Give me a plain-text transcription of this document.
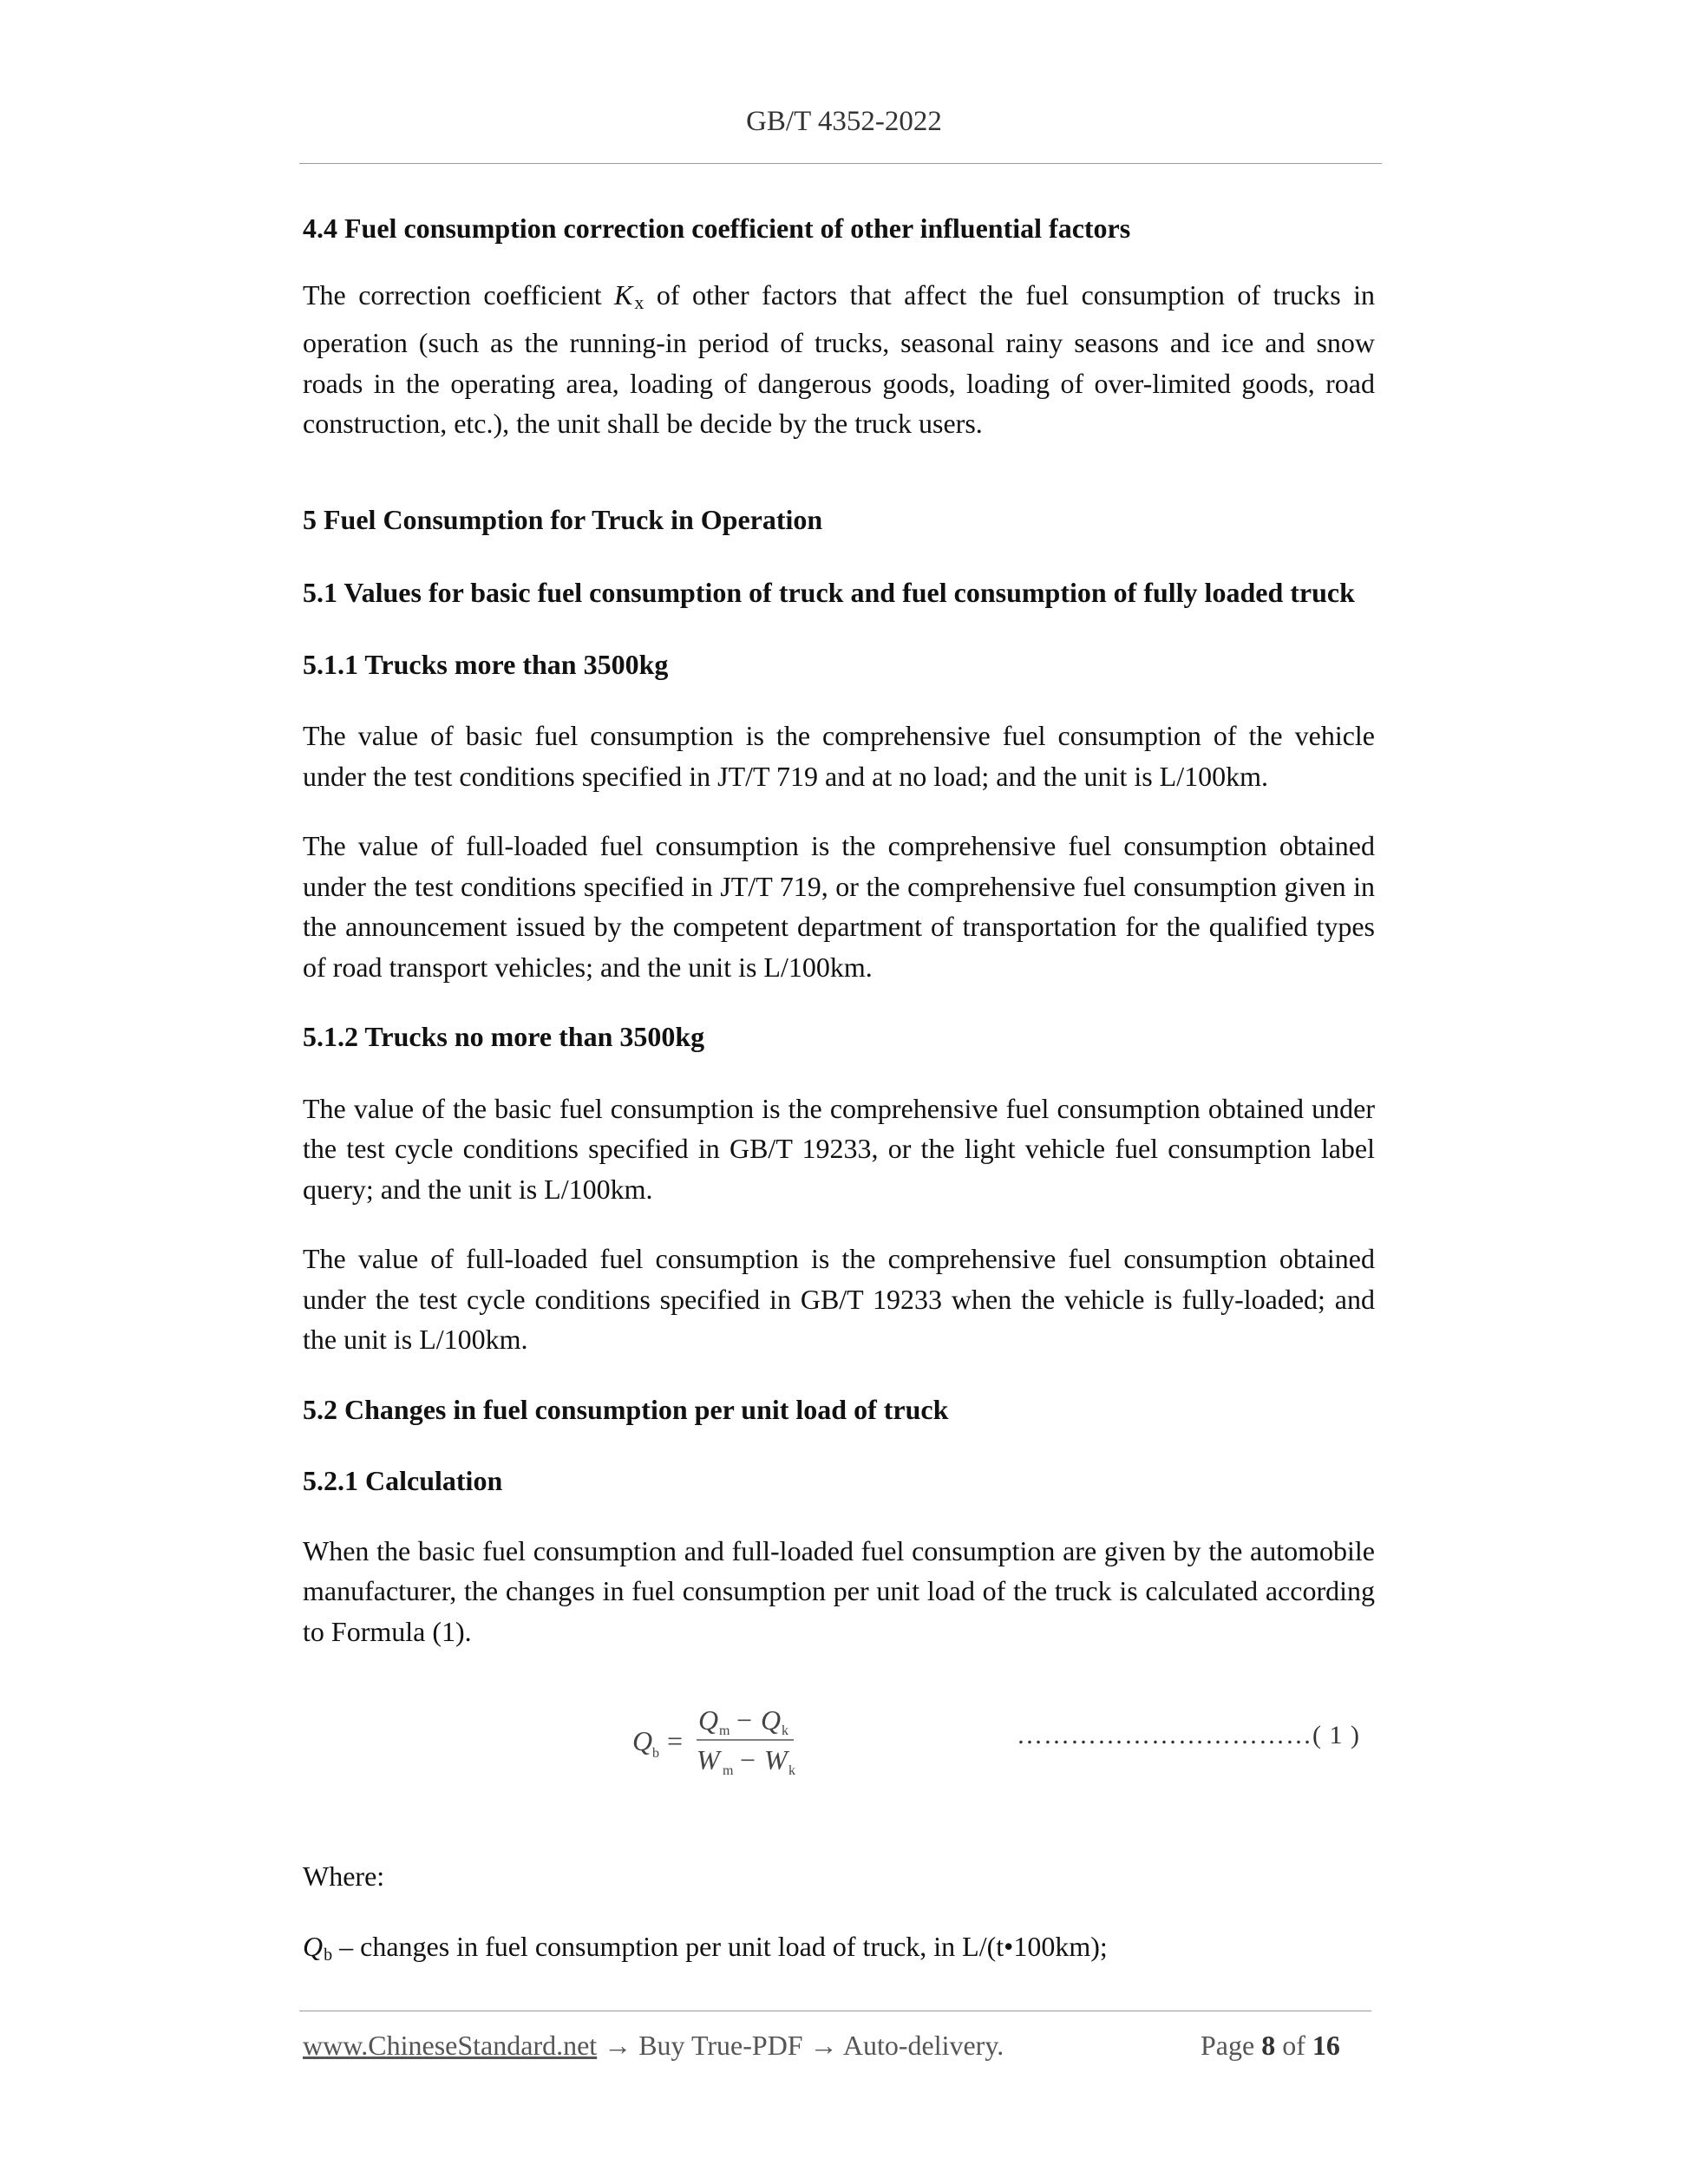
GB/T 4352-2022

4.4 Fuel consumption correction coefficient of other influential factors

The correction coefficient $K_x$ of other factors that affect the fuel consumption of trucks in operation (such as the running-in period of trucks, seasonal rainy seasons and ice and snow roads in the operating area, loading of dangerous goods, loading of over-limited goods, road construction, etc.), the unit shall be decide by the truck users.

5 Fuel Consumption for Truck in Operation

5.1 Values for basic fuel consumption of truck and fuel consumption of fully loaded truck

5.1.1 Trucks more than 3500kg

The value of basic fuel consumption is the comprehensive fuel consumption of the vehicle under the test conditions specified in JT/T 719 and at no load; and the unit is L/100km.

The value of full-loaded fuel consumption is the comprehensive fuel consumption obtained under the test conditions specified in JT/T 719, or the comprehensive fuel consumption given in the announcement issued by the competent department of transportation for the qualified types of road transport vehicles; and the unit is L/100km.

5.1.2 Trucks no more than 3500kg

The value of the basic fuel consumption is the comprehensive fuel consumption obtained under the test cycle conditions specified in GB/T 19233, or the light vehicle fuel consumption label query; and the unit is L/100km.

The value of full-loaded fuel consumption is the comprehensive fuel consumption obtained under the test cycle conditions specified in GB/T 19233 when the vehicle is fully-loaded; and the unit is L/100km.

5.2 Changes in fuel consumption per unit load of truck

5.2.1 Calculation

When the basic fuel consumption and full-loaded fuel consumption are given by the automobile manufacturer, the changes in fuel consumption per unit load of the truck is calculated according to Formula (1).

Q b =
Q m − Q k
W m − W k
……………………………( 1 )

Where:

$Q_b$ – changes in fuel consumption per unit load of truck, in L/(t•100km);

www.ChineseStandard.net → Buy True-PDF → Auto-delivery.	Page 8 of 16
